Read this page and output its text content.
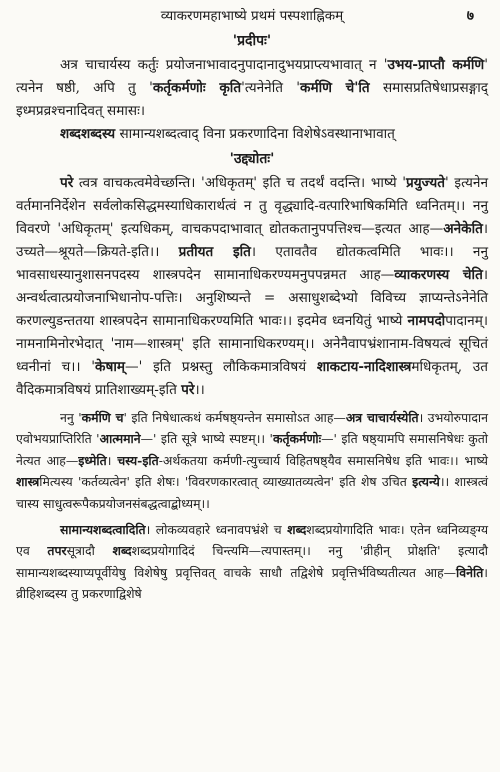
व्याकरणमहाभाष्ये प्रथमं पस्पशाह्निकम्	७
'प्रदीपः'

अत्र चाचार्यस्य कर्तुः प्रयोजनाभावादनुपादानादुभयप्राप्त्यभावात् न 'उभय-प्राप्तौ कर्मणि' त्यनेन षष्ठी, अपि तु 'कर्तृकर्मणोः कृति'त्यनेनेति 'कर्मणि चे'ति समासप्रतिषेधाप्रसङ्गाद् इध्मप्रव्रश्चनादिवत् समासः।

शब्दशब्दस्य सामान्यशब्दत्वाद् विना प्रकरणादिना विशेषेऽवस्थानाभावात्

'उद्द्योतः'

परे त्वत्र वाचकत्वमेवेच्छन्ति। 'अधिकृतम्' इति च तदर्थं वदन्ति। भाष्ये 'प्रयुज्यते' इत्यनेन वर्तमाननिर्देशेन सर्वलोकसिद्धमस्याधिकारार्थत्वं न तु वृद्ध्यादि-वत्पारिभाषिकमिति ध्वनितम्।। ननु विवरणे 'अधिकृतम्' इत्यधिकम्, वाचकपदाभावात् द्योतकतानुपपत्तिश्च—इत्यत आह—अनेकेति। उच्यते—श्रूयते—क्रियते-इति।। प्रतीयत इति। एतावतैव द्योतकत्वमिति भावः।। ननु भावसाधस्यानुशासनपदस्य शास्त्रपदेन सामानाधिकरण्यमनुपपन्नमत आह—व्याकरणस्य चेति। अन्वर्थत्वात्प्रयोजनाभिधानोप-पत्तिः। अनुशिष्यन्ते = असाधुशब्देभ्यो विविच्य ज्ञाप्यन्तेऽनेनेति करणल्युडन्ततया शास्त्रपदेन सामानाधिकरण्यमिति भावः।। इदमेव ध्वनयितुं भाष्ये नामपदोपादानम्। नामनामिनोरभेदात् 'नाम—शास्त्रम्' इति सामानाधिकरण्यम्।। अनेनैवापभ्रंशानाम-विषयत्वं सूचितं ध्वनीनां च।। 'केषाम्—' इति प्रश्नस्तु लौकिकमात्रविषयं शाकटाय-नादिशास्त्रमधिकृतम्, उत वैदिकमात्रविषयं प्रातिशाख्यम्-इति परे।।

ननु 'कर्मणि च' इति निषेधात्कथं कर्मषष्ठ्यन्तेन समासोऽत आह—अत्र चाचार्यस्येति। उभयोरुपादान एवोभयप्राप्तिरिति 'आत्ममाने—' इति सूत्रे भाष्ये स्पष्टम्।। 'कर्तृकर्मणोः—' इति षष्ठ्यामपि समासनिषेधः कुतो नेत्यत आह—इध्मेति। चस्य-इति-अर्थकतया कर्मणी-त्युच्चार्य विहितषष्ठ्यैव समासनिषेध इति भावः।। भाष्ये शास्त्रमित्यस्य 'कर्तव्यत्वेन' इति शेषः। 'विवरणकारत्वात् व्याख्यातव्यत्वेन' इति शेष उचित इत्यन्ये।। शास्त्रत्वं चास्य साधुत्वरूपैकप्रयोजनसंबद्धत्वाद्बोध्यम्।।

सामान्यशब्दत्वादिति। लोकव्यवहारे ध्वनावपभ्रंशे च शब्दशब्दप्रयोगादिति भावः। एतेन ध्वनिव्यङ्ग्य एव तपरसूत्रादौ शब्दशब्दप्रयोगादिदं चिन्त्यमि—त्यपास्तम्।। ननु 'व्रीहीन् प्रोक्षति' इत्यादौ सामान्यशब्दस्याप्यपूर्वीयेषु विशेषेषु प्रवृत्तिवत् वाचके साधौ तद्विशेषे प्रवृत्तिर्भविष्यतीत्यत आह—विनेति। व्रीहिशब्दस्य तु प्रकरणाद्विशेषे
